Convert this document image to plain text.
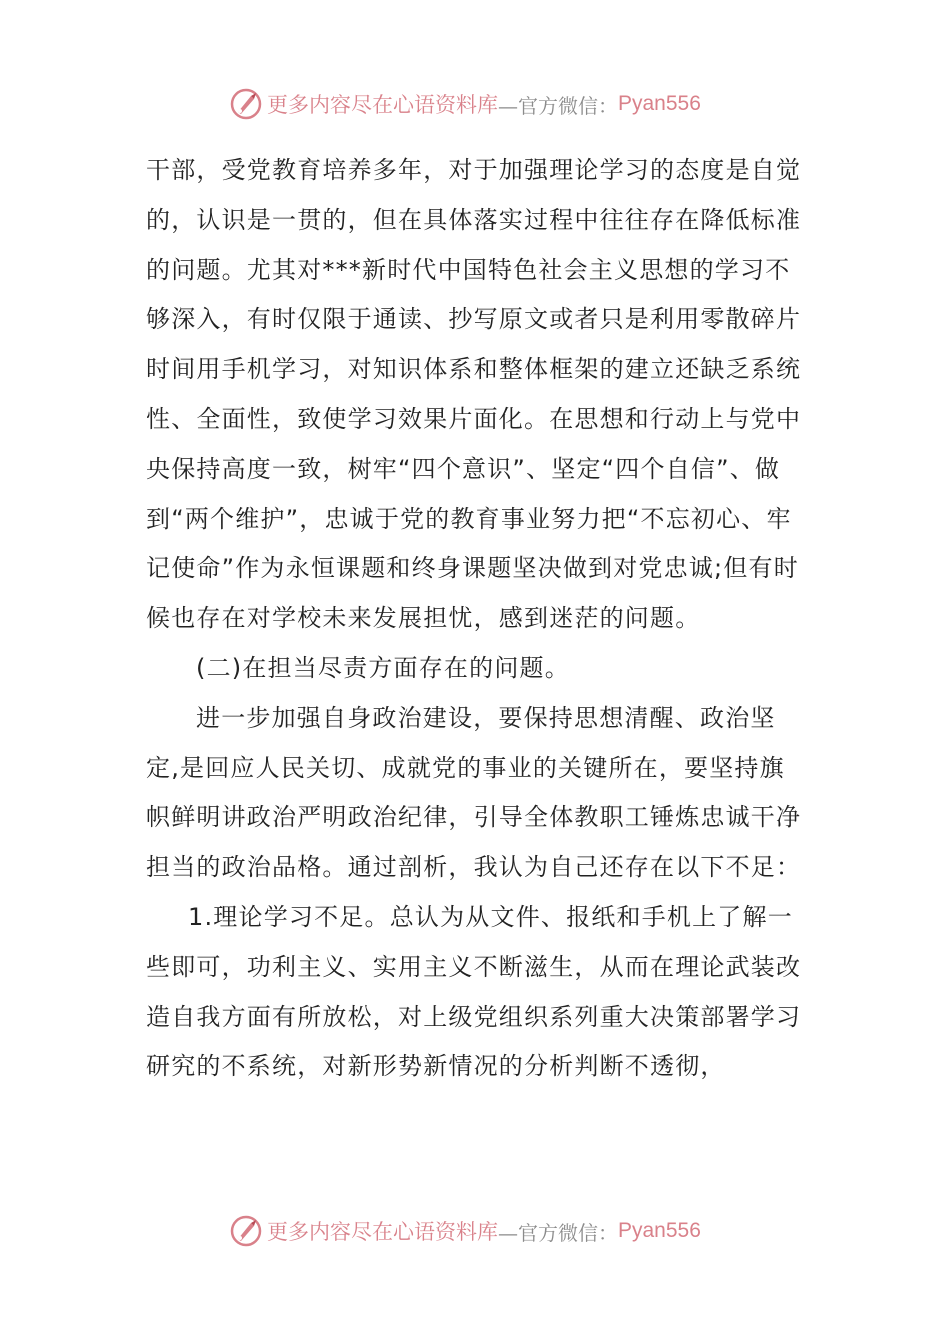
更多内容尽在心语资料库 —官方微信： Pyan556

干部，受党教育培养多年，对于加强理论学习的态度是自觉的，认识是一贯的，但在具体落实过程中往往存在降低标准的问题。尤其对***新时代中国特色社会主义思想的学习不够深入，有时仅限于通读、抄写原文或者只是利用零散碎片时间用手机学习，对知识体系和整体框架的建立还缺乏系统性、全面性，致使学习效果片面化。在思想和行动上与党中央保持高度一致，树牢“四个意识”、坚定“四个自信”、做到“两个维护”，忠诚于党的教育事业努力把“不忘初心、牢记使命”作为永恒课题和终身课题坚决做到对党忠诚;但有时候也存在对学校未来发展担忧，感到迷茫的问题。

(二)在担当尽责方面存在的问题。

进一步加强自身政治建设，要保持思想清醒、政治坚定,是回应人民关切、成就党的事业的关键所在，要坚持旗帜鲜明讲政治严明政治纪律，引导全体教职工锤炼忠诚干净担当的政治品格。通过剖析，我认为自己还存在以下不足：

1.理论学习不足。总认为从文件、报纸和手机上了解一些即可，功利主义、实用主义不断滋生，从而在理论武装改造自我方面有所放松，对上级党组织系列重大决策部署学习研究的不系统，对新形势新情况的分析判断不透彻，

更多内容尽在心语资料库 —官方微信： Pyan556
